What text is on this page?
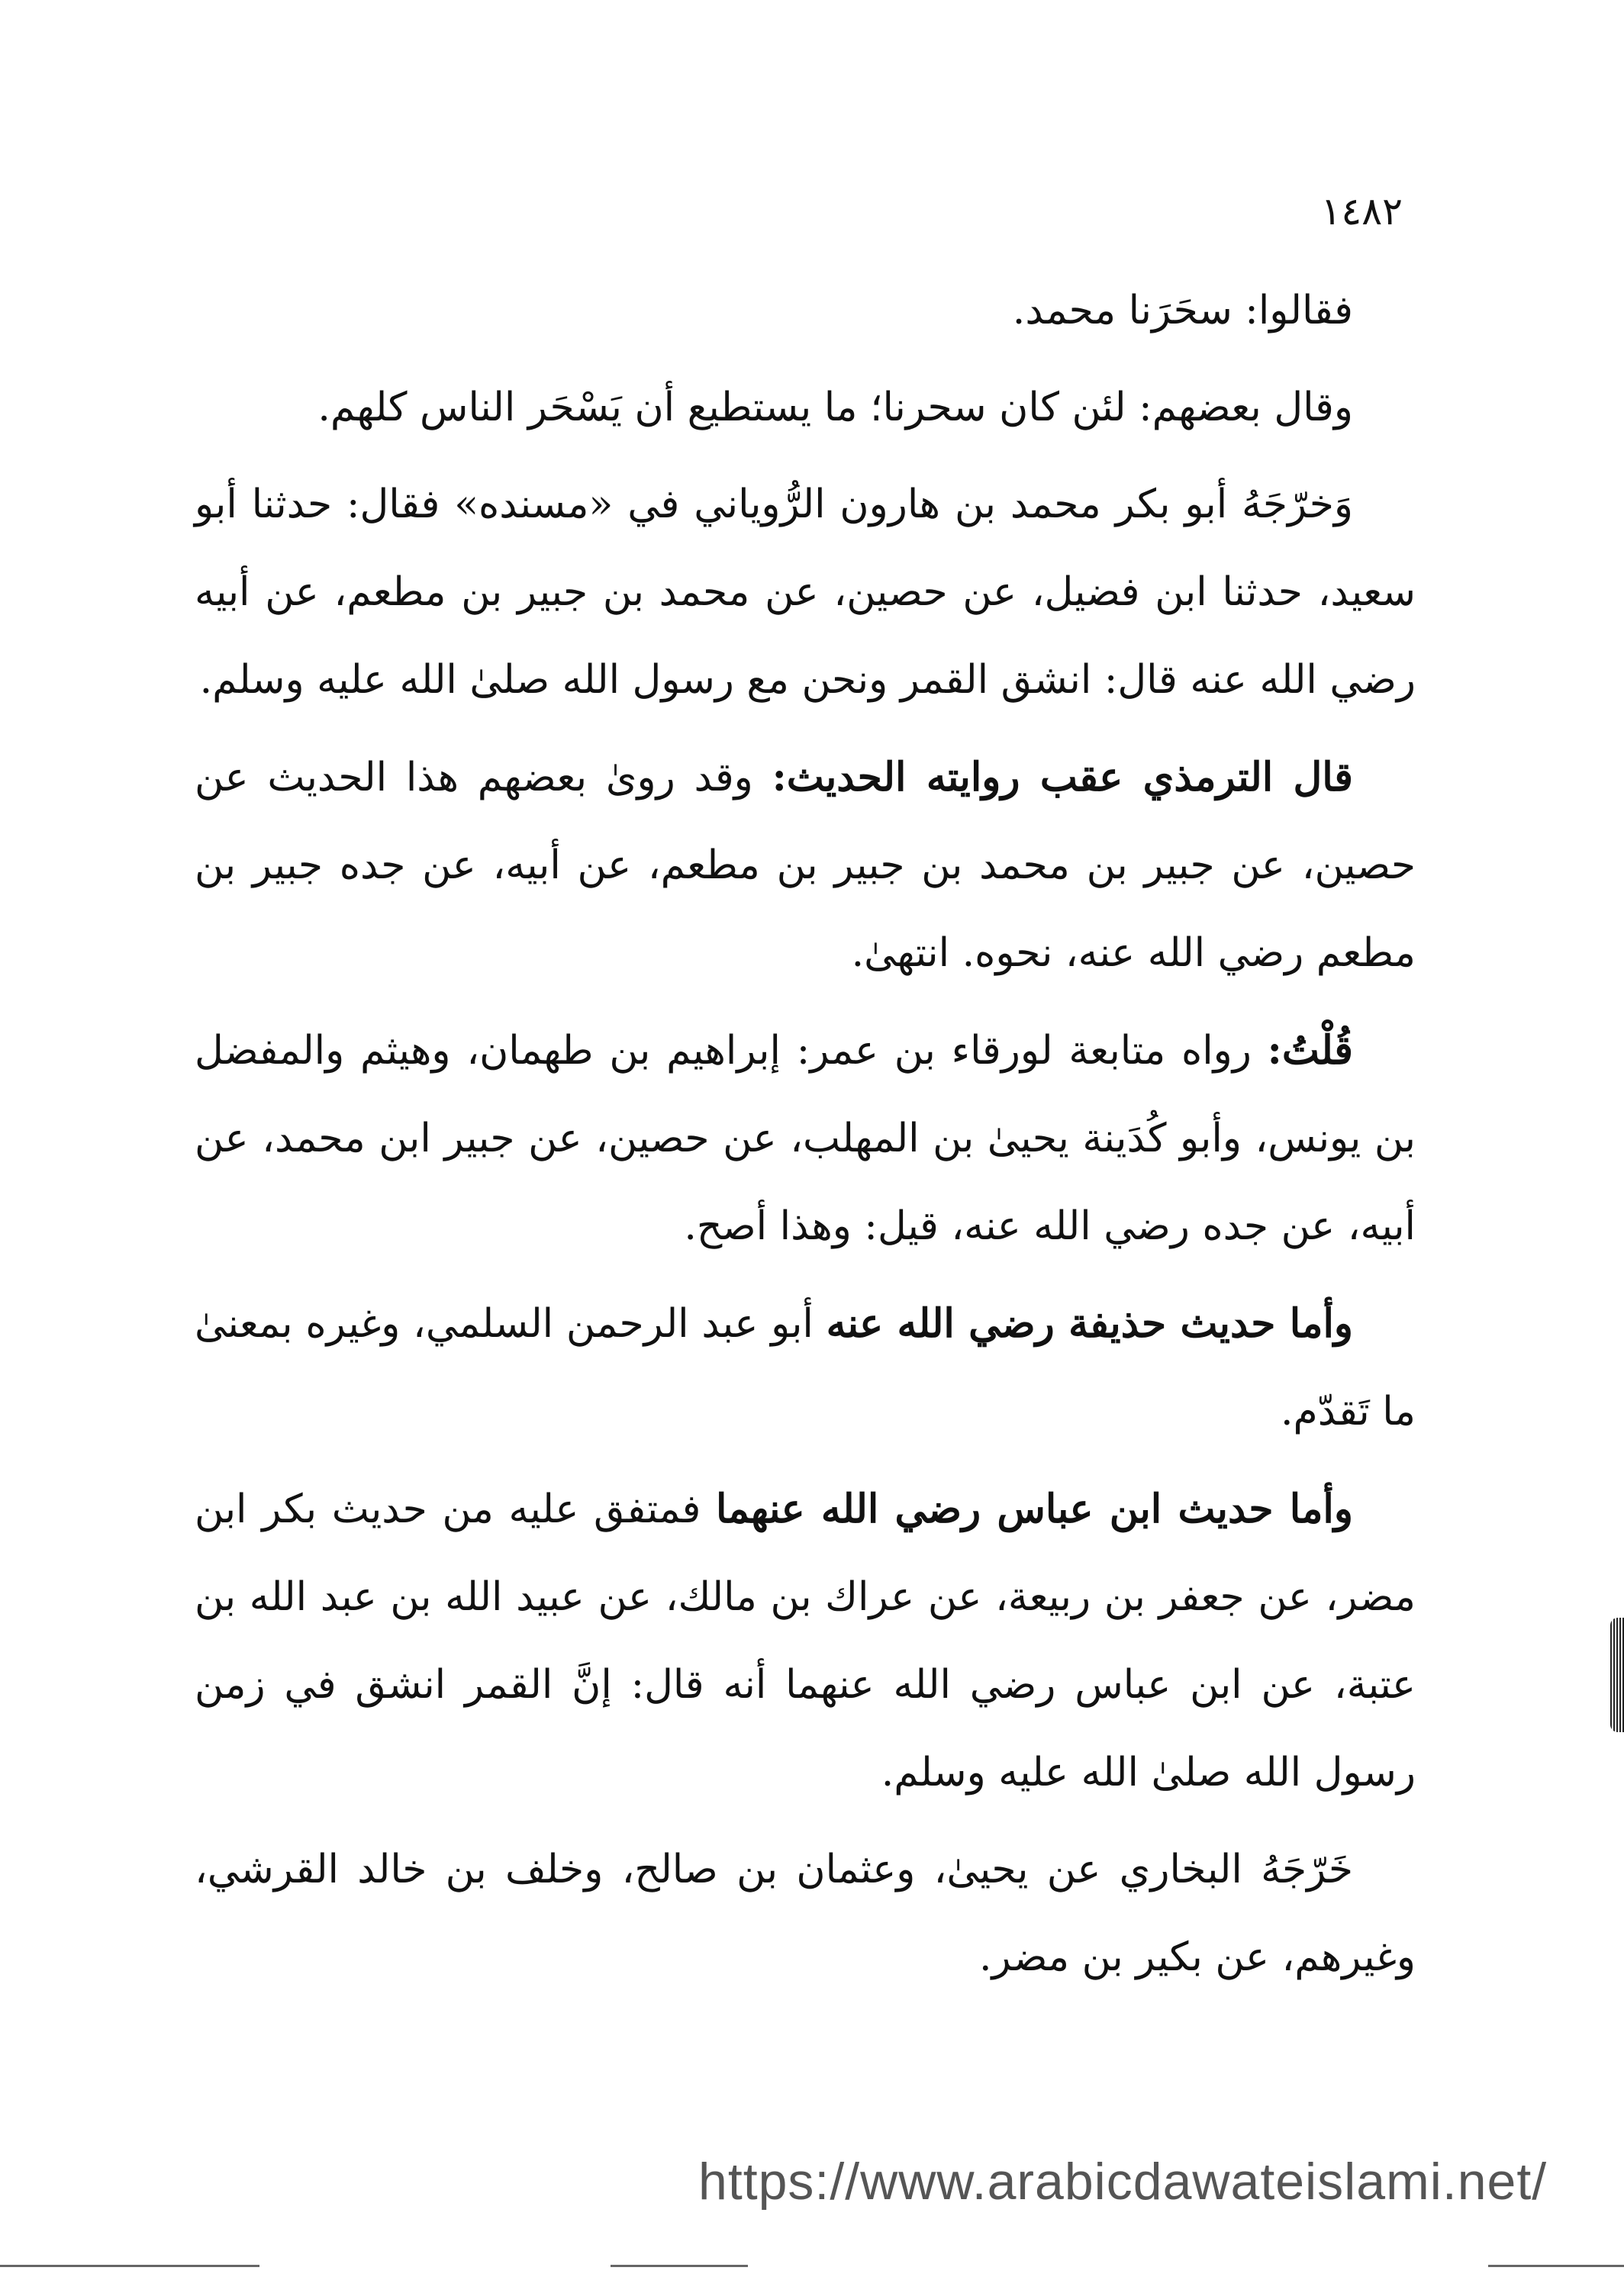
١٤٨٢

فقالوا: سحَرَنا محمد.

وقال بعضهم: لئن كان سحرنا؛ ما يستطيع أن يَسْحَر الناس كلهم.

وَخرّجَهُ أبو بكر محمد بن هارون الرُّوياني في «مسنده» فقال: حدثنا أبو سعيد، حدثنا ابن فضيل، عن حصين، عن محمد بن جبير بن مطعم، عن أبيه رضي الله عنه قال: انشق القمر ونحن مع رسول الله صلىٰ الله عليه وسلم.

قال الترمذي عقب روايته الحديث: وقد روىٰ بعضهم هذا الحديث عن حصين، عن جبير بن محمد بن جبير بن مطعم، عن أبيه، عن جده جبير بن مطعم رضي الله عنه، نحوه. انتهىٰ.

قُلْتُ: رواه متابعة لورقاء بن عمر: إبراهيم بن طهمان، وهيثم والمفضل بن يونس، وأبو كُدَينة يحيىٰ بن المهلب، عن حصين، عن جبير ابن محمد، عن أبيه، عن جده رضي الله عنه، قيل: وهذا أصح.

وأما حديث حذيفة رضي الله عنه أبو عبد الرحمن السلمي، وغيره بمعنىٰ ما تَقدّم.

وأما حديث ابن عباس رضي الله عنهما فمتفق عليه من حديث بكر ابن مضر، عن جعفر بن ربيعة، عن عراك بن مالك، عن عبيد الله بن عبد الله بن عتبة، عن ابن عباس رضي الله عنهما أنه قال: إنَّ القمر انشق في زمن رسول الله صلىٰ الله عليه وسلم.

خَرّجَهُ البخاري عن يحيىٰ، وعثمان بن صالح، وخلف بن خالد القرشي، وغيرهم، عن بكير بن مضر.

https://www.arabicdawateislami.net/
